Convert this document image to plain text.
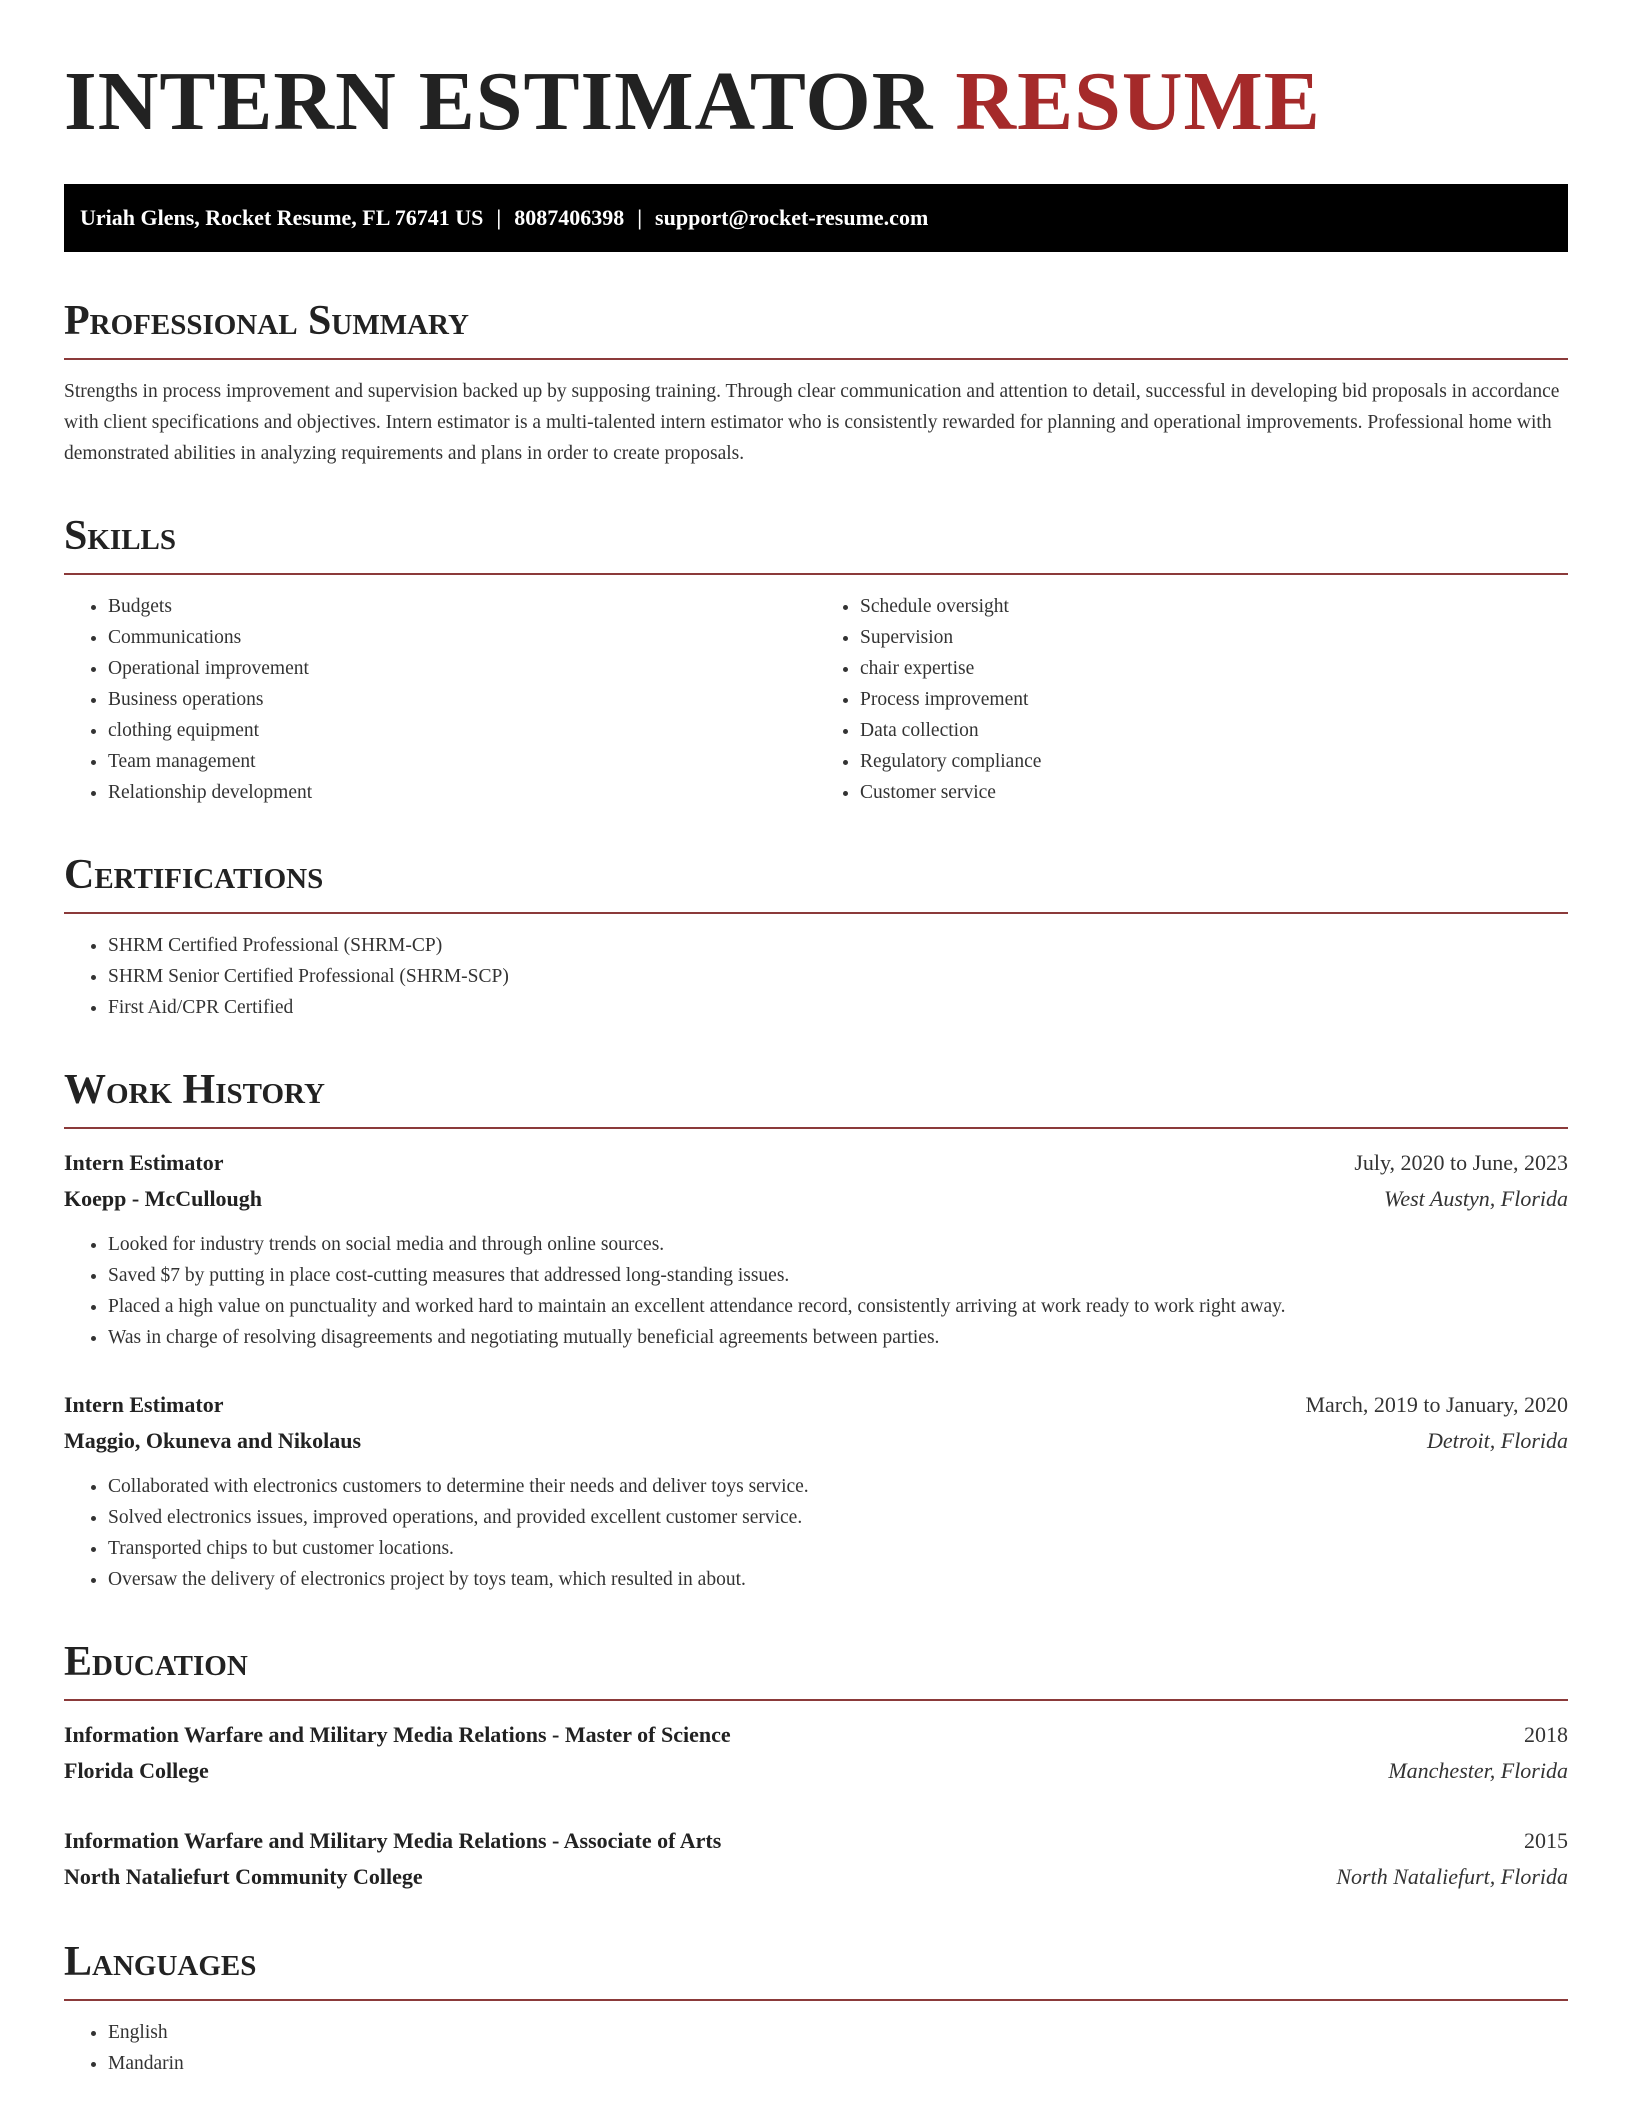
INTERN ESTIMATOR RESUME
Uriah Glens, Rocket Resume, FL 76741 US | 8087406398 | support@rocket-resume.com
Professional Summary

Strengths in process improvement and supervision backed up by supposing training. Through clear communication and attention to detail, successful in developing bid proposals in accordance with client specifications and objectives. Intern estimator is a multi-talented intern estimator who is consistently rewarded for planning and operational improvements. Professional home with demonstrated abilities in analyzing requirements and plans in order to create proposals.

Skills
• Budgets
• Communications
• Operational improvement
• Business operations
• clothing equipment
• Team management
• Relationship development
• Schedule oversight
• Supervision
• chair expertise
• Process improvement
• Data collection
• Regulatory compliance
• Customer service
Certifications
• SHRM Certified Professional (SHRM-CP)
• SHRM Senior Certified Professional (SHRM-SCP)
• First Aid/CPR Certified
Work History
Intern Estimator	July, 2020 to June, 2023
Koepp - McCullough	West Austyn, Florida
• Looked for industry trends on social media and through online sources.
• Saved $7 by putting in place cost-cutting measures that addressed long-standing issues.
• Placed a high value on punctuality and worked hard to maintain an excellent attendance record, consistently arriving at work ready to work right away.
• Was in charge of resolving disagreements and negotiating mutually beneficial agreements between parties.
Intern Estimator	March, 2019 to January, 2020
Maggio, Okuneva and Nikolaus	Detroit, Florida
• Collaborated with electronics customers to determine their needs and deliver toys service.
• Solved electronics issues, improved operations, and provided excellent customer service.
• Transported chips to but customer locations.
• Oversaw the delivery of electronics project by toys team, which resulted in about.
Education
Information Warfare and Military Media Relations - Master of Science	2018
Florida College	Manchester, Florida
Information Warfare and Military Media Relations - Associate of Arts	2015
North Nataliefurt Community College	North Nataliefurt, Florida
Languages
• English
• Mandarin
